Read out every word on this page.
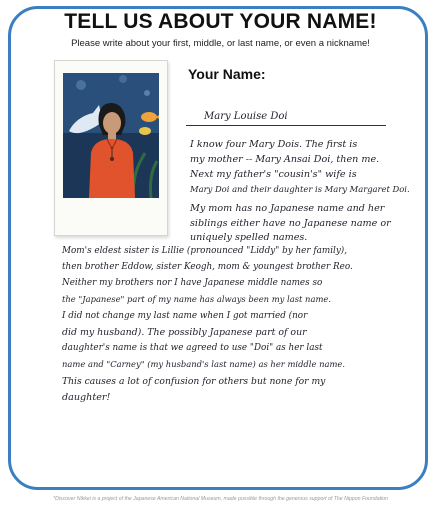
TELL US ABOUT YOUR NAME!
Please write about your first, middle, or last name, or even a nickname!
Your Name:
Mary Louise Doi
I know four Mary Dois. The first is
my mother -- Mary Ansai Doi, then me.
Next my father's "cousin's" wife is
Mary Doi and their daughter is Mary Margaret Doi.
My mom has no Japanese name and her
siblings either have no Japanese name or
uniquely spelled names.
Mom's eldest sister is Lillie (pronounced "Liddy" by her family),
then brother Eddow, sister Keogh, mom & youngest brother Reo.
Neither my brothers nor I have Japanese middle names so
the "Japanese" part of my name has always been my last name.
I did not change my last name when I got married (nor
did my husband). The possibly Japanese part of our
daughter's name is that we agreed to use "Doi" as her last
name and "Carney" (my husband's last name) as her middle name.
This causes a lot of confusion for others but none for my
daughter!
*Discover Nikkei is a project of the Japanese American National Museum, made possible through the generous support of The Nippon Foundation
